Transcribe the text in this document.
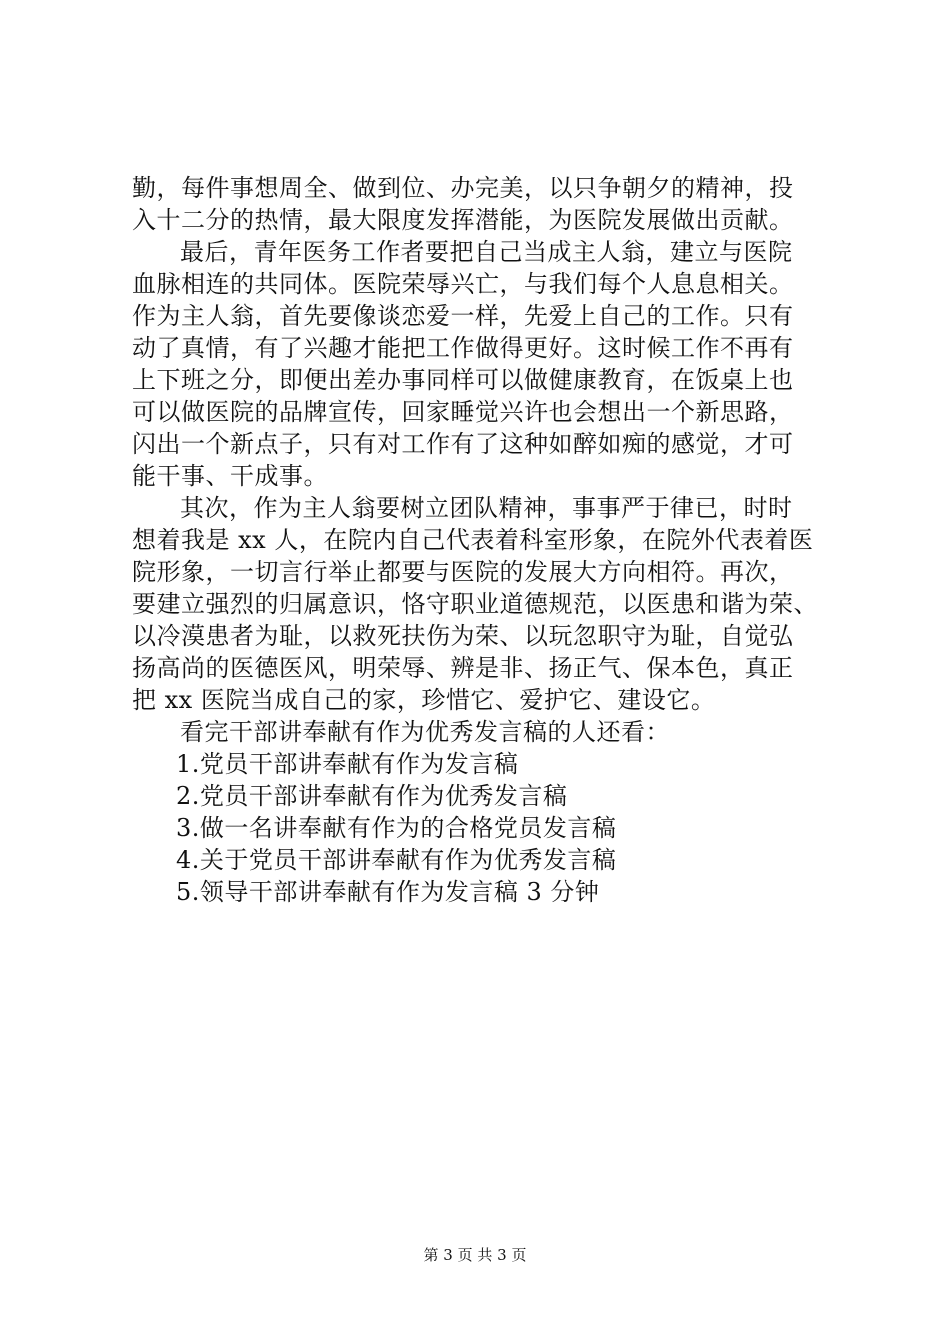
勤，每件事想周全、做到位、办完美，以只争朝夕的精神，投
入十二分的热情，最大限度发挥潜能，为医院发展做出贡献。
最后，青年医务工作者要把自己当成主人翁，建立与医院
血脉相连的共同体。医院荣辱兴亡，与我们每个人息息相关。
作为主人翁，首先要像谈恋爱一样，先爱上自己的工作。只有
动了真情，有了兴趣才能把工作做得更好。这时候工作不再有
上下班之分，即便出差办事同样可以做健康教育，在饭桌上也
可以做医院的品牌宣传，回家睡觉兴许也会想出一个新思路，
闪出一个新点子，只有对工作有了这种如醉如痴的感觉，才可
能干事、干成事。
其次，作为主人翁要树立团队精神，事事严于律已，时时
想着我是 xx 人，在院内自己代表着科室形象，在院外代表着医
院形象，一切言行举止都要与医院的发展大方向相符。再次，
要建立强烈的归属意识，恪守职业道德规范，以医患和谐为荣、
以冷漠患者为耻，以救死扶伤为荣、以玩忽职守为耻，自觉弘
扬高尚的医德医风，明荣辱、辨是非、扬正气、保本色，真正
把 xx 医院当成自己的家，珍惜它、爱护它、建设它。
看完干部讲奉献有作为优秀发言稿的人还看：
1.党员干部讲奉献有作为发言稿
2.党员干部讲奉献有作为优秀发言稿
3.做一名讲奉献有作为的合格党员发言稿
4.关于党员干部讲奉献有作为优秀发言稿
5.领导干部讲奉献有作为发言稿 3 分钟
第 3 页 共 3 页
